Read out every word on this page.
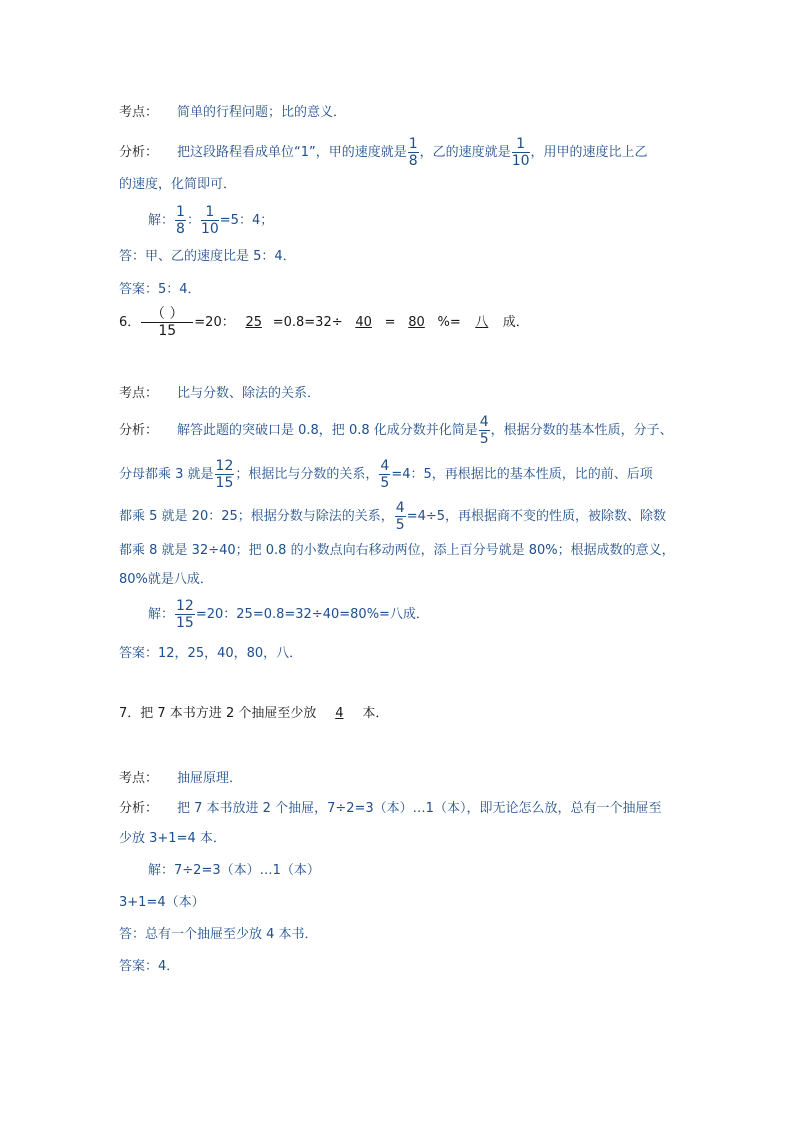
考点： 简单的行程问题；比的意义．
分析： 把这段路程看成单位“1”，甲的速度就是 $\frac{1}{8}$ ，乙的速度就是 $\frac{1}{10}$ ，用甲的速度比上乙
的速度，化简即可．
解： $\frac{1}{8}$ ： $\frac{1}{10} =5$：4；
答：甲、乙的速度比是 5：4．
答案：5：4．
6． $\frac{( )}{15} =20$： 25 =0.8=32÷ 40 = 80 %= 八 成．
考点： 比与分数、除法的关系．
分析： 解答此题的突破口是 0.8，把 0.8 化成分数并化简是 $\frac{4}{5}$ ，根据分数的基本性质，分子、
分母都乘 3 就是 $\frac{12}{15}$ ；根据比与分数的关系， $\frac{4}{5} =4$：5，再根据比的基本性质，比的前、后项
都乘 5 就是 20：25；根据分数与除法的关系， $\frac{4}{5} =4\div 5$，再根据商不变的性质，被除数、除数
都乘 8 就是 32÷40；把 0.8 的小数点向右移动两位，添上百分号就是 80%；根据成数的意义，
80%就是八成．
解： $\frac{12}{15} =20$：25=0.8=32÷40=80%=八成．
答案：12，25，40，80，八．
7．把 7 本书方进 2 个抽屉至少放 4 本．
考点： 抽屉原理．
分析： 把 7 本书放进 2 个抽屉，7÷2=3（本）…1（本），即无论怎么放，总有一个抽屉至
少放 3+1=4 本．
解：7÷2=3（本）…1（本）
3+1=4（本）
答：总有一个抽屉至少放 4 本书．
答案：4．
